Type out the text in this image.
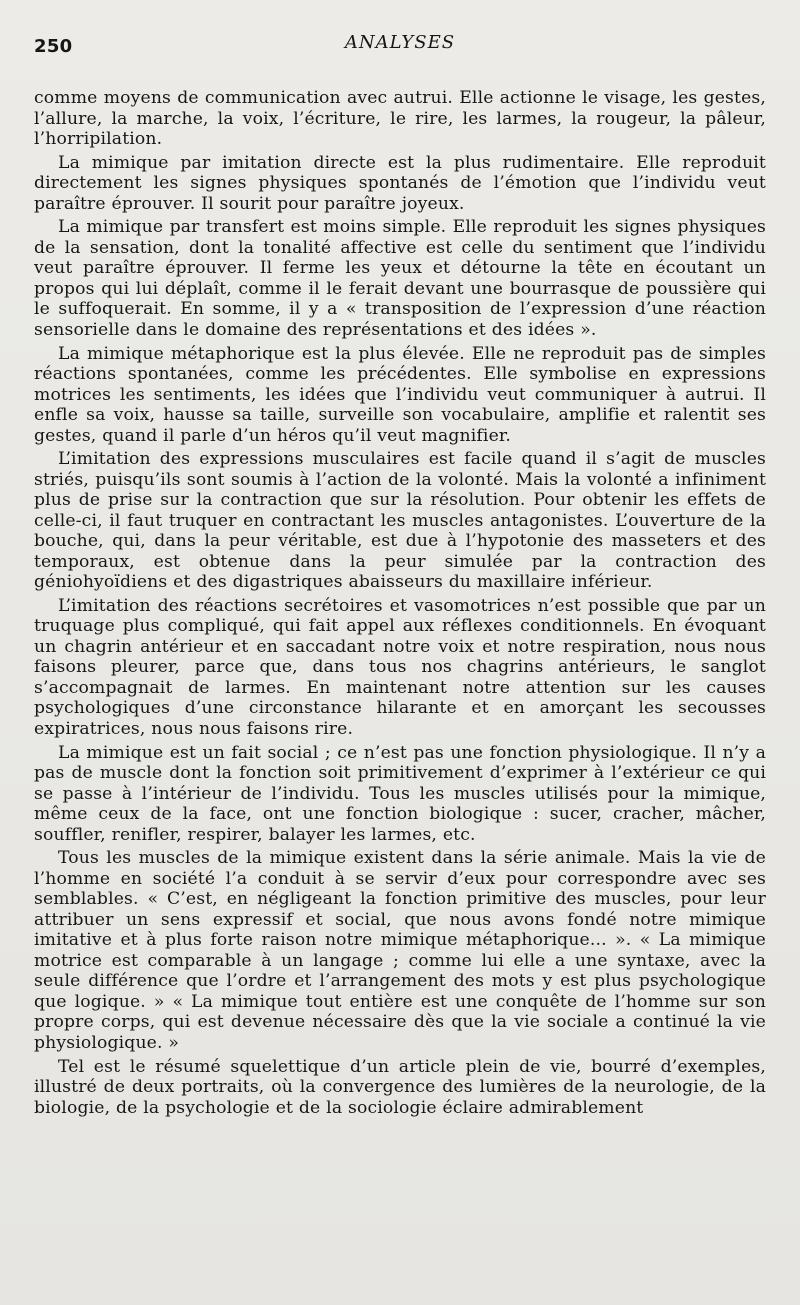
250	ANALYSES

comme moyens de communication avec autrui. Elle actionne le visage, les gestes, l’allure, la marche, la voix, l’écriture, le rire, les larmes, la rougeur, la pâleur, l’horripilation.

La mimique par imitation directe est la plus rudimentaire. Elle reproduit directement les signes physiques spontanés de l’émotion que l’individu veut paraître éprouver. Il sourit pour paraître joyeux.

La mimique par transfert est moins simple. Elle reproduit les signes physiques de la sensation, dont la tonalité affective est celle du sentiment que l’individu veut paraître éprouver. Il ferme les yeux et détourne la tête en écoutant un propos qui lui déplaît, comme il le ferait devant une bourrasque de poussière qui le suffoquerait. En somme, il y a « transposition de l’expression d’une réaction sensorielle dans le domaine des représentations et des idées ».

La mimique métaphorique est la plus élevée. Elle ne reproduit pas de simples réactions spontanées, comme les précédentes. Elle symbolise en expressions motrices les sentiments, les idées que l’individu veut communiquer à autrui. Il enfle sa voix, hausse sa taille, surveille son vocabulaire, amplifie et ralentit ses gestes, quand il parle d’un héros qu’il veut magnifier.

L’imitation des expressions musculaires est facile quand il s’agit de muscles striés, puisqu’ils sont soumis à l’action de la volonté. Mais la volonté a infiniment plus de prise sur la contraction que sur la résolution. Pour obtenir les effets de celle-ci, il faut truquer en contractant les muscles antagonistes. L’ouverture de la bouche, qui, dans la peur véritable, est due à l’hypotonie des masseters et des temporaux, est obtenue dans la peur simulée par la contraction des géniohyoïdiens et des digastriques abaisseurs du maxillaire inférieur.

L’imitation des réactions secrétoires et vasomotrices n’est possible que par un truquage plus compliqué, qui fait appel aux réflexes conditionnels. En évoquant un chagrin antérieur et en saccadant notre voix et notre respiration, nous nous faisons pleurer, parce que, dans tous nos chagrins antérieurs, le sanglot s’accompagnait de larmes. En maintenant notre attention sur les causes psychologiques d’une circonstance hilarante et en amorçant les secousses expiratrices, nous nous faisons rire.

La mimique est un fait social ; ce n’est pas une fonction physiologique. Il n’y a pas de muscle dont la fonction soit primitivement d’exprimer à l’extérieur ce qui se passe à l’intérieur de l’individu. Tous les muscles utilisés pour la mimique, même ceux de la face, ont une fonction biologique : sucer, cracher, mâcher, souffler, renifler, respirer, balayer les larmes, etc.

Tous les muscles de la mimique existent dans la série animale. Mais la vie de l’homme en société l’a conduit à se servir d’eux pour correspondre avec ses semblables. « C’est, en négligeant la fonction primitive des muscles, pour leur attribuer un sens expressif et social, que nous avons fondé notre mimique imitative et à plus forte raison notre mimique métaphorique... ». « La mimique motrice est comparable à un langage ; comme lui elle a une syntaxe, avec la seule différence que l’ordre et l’arrangement des mots y est plus psychologique que logique. » « La mimique tout entière est une conquête de l’homme sur son propre corps, qui est devenue nécessaire dès que la vie sociale a continué la vie physiologique. »

Tel est le résumé squelettique d’un article plein de vie, bourré d’exemples, illustré de deux portraits, où la convergence des lumières de la neurologie, de la biologie, de la psychologie et de la sociologie éclaire admirablement
